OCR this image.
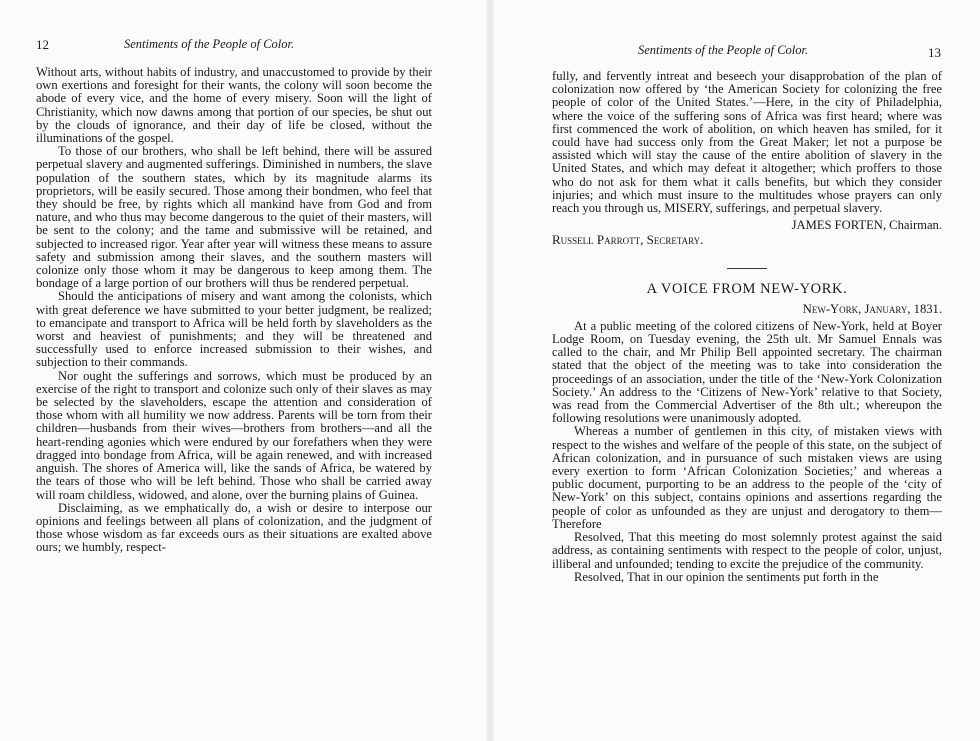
12	Sentiments of the People of Color.

Without arts, without habits of industry, and unaccustomed to provide by their own exertions and foresight for their wants, the colony will soon become the abode of every vice, and the home of every misery. Soon will the light of Christianity, which now dawns among that portion of our species, be shut out by the clouds of ignorance, and their day of life be closed, without the illuminations of the gospel.

To those of our brothers, who shall be left behind, there will be assured perpetual slavery and augmented sufferings. Diminished in numbers, the slave population of the southern states, which by its magnitude alarms its proprietors, will be easily secured. Those among their bondmen, who feel that they should be free, by rights which all mankind have from God and from nature, and who thus may become dangerous to the quiet of their masters, will be sent to the colony; and the tame and submissive will be retained, and subjected to increased rigor. Year after year will witness these means to assure safety and submission among their slaves, and the southern masters will colonize only those whom it may be dangerous to keep among them. The bondage of a large portion of our brothers will thus be rendered perpetual.

Should the anticipations of misery and want among the colonists, which with great deference we have submitted to your better judgment, be realized; to emancipate and transport to Africa will be held forth by slaveholders as the worst and heaviest of punishments; and they will be threatened and successfully used to enforce increased submission to their wishes, and subjection to their commands.

Nor ought the sufferings and sorrows, which must be produced by an exercise of the right to transport and colonize such only of their slaves as may be selected by the slaveholders, escape the attention and consideration of those whom with all humility we now address. Parents will be torn from their children—husbands from their wives—brothers from brothers—and all the heart-rending agonies which were endured by our forefathers when they were dragged into bondage from Africa, will be again renewed, and with increased anguish. The shores of America will, like the sands of Africa, be watered by the tears of those who will be left behind. Those who shall be carried away will roam childless, widowed, and alone, over the burning plains of Guinea.

Disclaiming, as we emphatically do, a wish or desire to interpose our opinions and feelings between all plans of colonization, and the judgment of those whose wisdom as far exceeds ours as their situations are exalted above ours; we humbly, respect-

Sentiments of the People of Color.	13

fully, and fervently intreat and beseech your disapprobation of the plan of colonization now offered by ‘the American Society for colonizing the free people of color of the United States.’—Here, in the city of Philadelphia, where the voice of the suffering sons of Africa was first heard; where was first commenced the work of abolition, on which heaven has smiled, for it could have had success only from the Great Maker; let not a purpose be assisted which will stay the cause of the entire abolition of slavery in the United States, and which may defeat it altogether; which proffers to those who do not ask for them what it calls benefits, but which they consider injuries; and which must insure to the multitudes whose prayers can only reach you through us, MISERY, sufferings, and perpetual slavery.

Russell Parrott, Secretary.
JAMES FORTEN, Chairman.
A VOICE FROM NEW-YORK.
New-York, January, 1831.

At a public meeting of the colored citizens of New-York, held at Boyer Lodge Room, on Tuesday evening, the 25th ult. Mr Samuel Ennals was called to the chair, and Mr Philip Bell appointed secretary. The chairman stated that the object of the meeting was to take into consideration the proceedings of an association, under the title of the ‘New-York Colonization Society.’ An address to the ‘Citizens of New-York’ relative to that Society, was read from the Commercial Advertiser of the 8th ult.; whereupon the following resolutions were unanimously adopted.

Whereas a number of gentlemen in this city, of mistaken views with respect to the wishes and welfare of the people of this state, on the subject of African colonization, and in pursuance of such mistaken views are using every exertion to form ‘African Colonization Societies;’ and whereas a public document, purporting to be an address to the people of the ‘city of New-York’ on this subject, contains opinions and assertions regarding the people of color as unfounded as they are unjust and derogatory to them—Therefore

Resolved, That this meeting do most solemnly protest against the said address, as containing sentiments with respect to the people of color, unjust, illiberal and unfounded; tending to excite the prejudice of the community.

Resolved, That in our opinion the sentiments put forth in the
